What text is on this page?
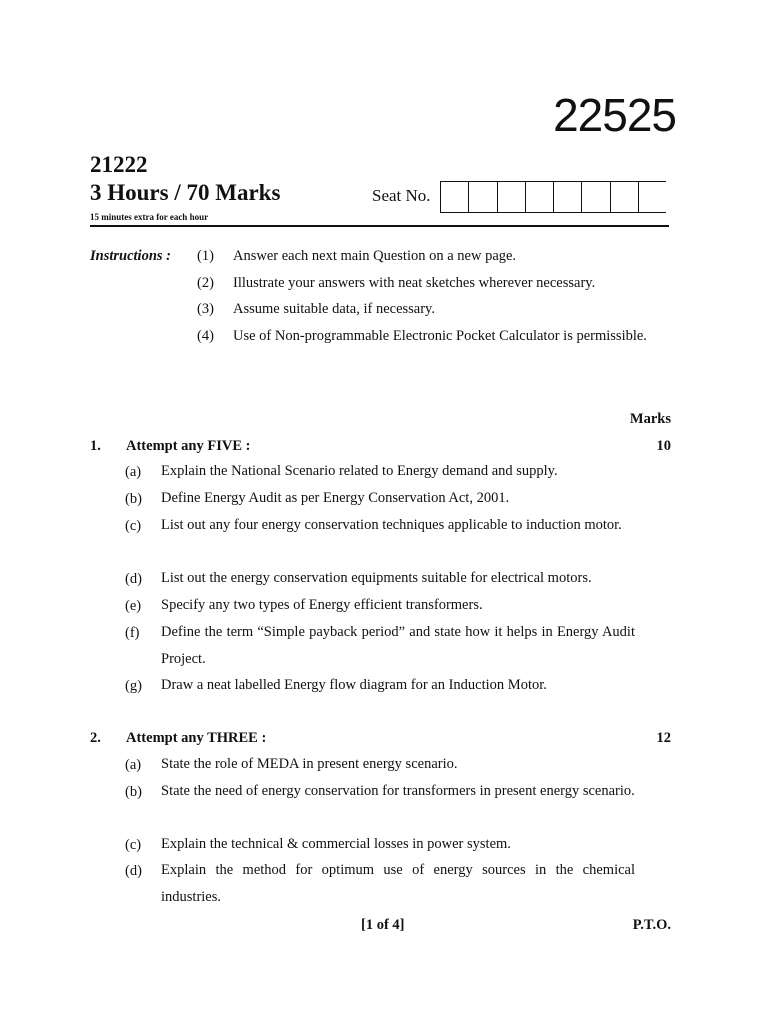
22525
21222
3 Hours / 70 Marks
15 minutes extra for each hour
Seat No.
Instructions : (1) Answer each next main Question on a new page.
(2) Illustrate your answers with neat sketches wherever necessary.
(3) Assume suitable data, if necessary.
(4) Use of Non-programmable Electronic Pocket Calculator is permissible.
Marks
1. Attempt any FIVE :	10
(a) Explain the National Scenario related to Energy demand and supply.
(b) Define Energy Audit as per Energy Conservation Act, 2001.
(c) List out any four energy conservation techniques applicable to induction motor.
(d) List out the energy conservation equipments suitable for electrical motors.
(e) Specify any two types of Energy efficient transformers.
(f) Define the term “Simple payback period” and state how it helps in Energy Audit Project.
(g) Draw a neat labelled Energy flow diagram for an Induction Motor.
2. Attempt any THREE :	12
(a) State the role of MEDA in present energy scenario.
(b) State the need of energy conservation for transformers in present energy scenario.
(c) Explain the technical & commercial losses in power system.
(d) Explain the method for optimum use of energy sources in the chemical industries.
[1 of 4]	P.T.O.
